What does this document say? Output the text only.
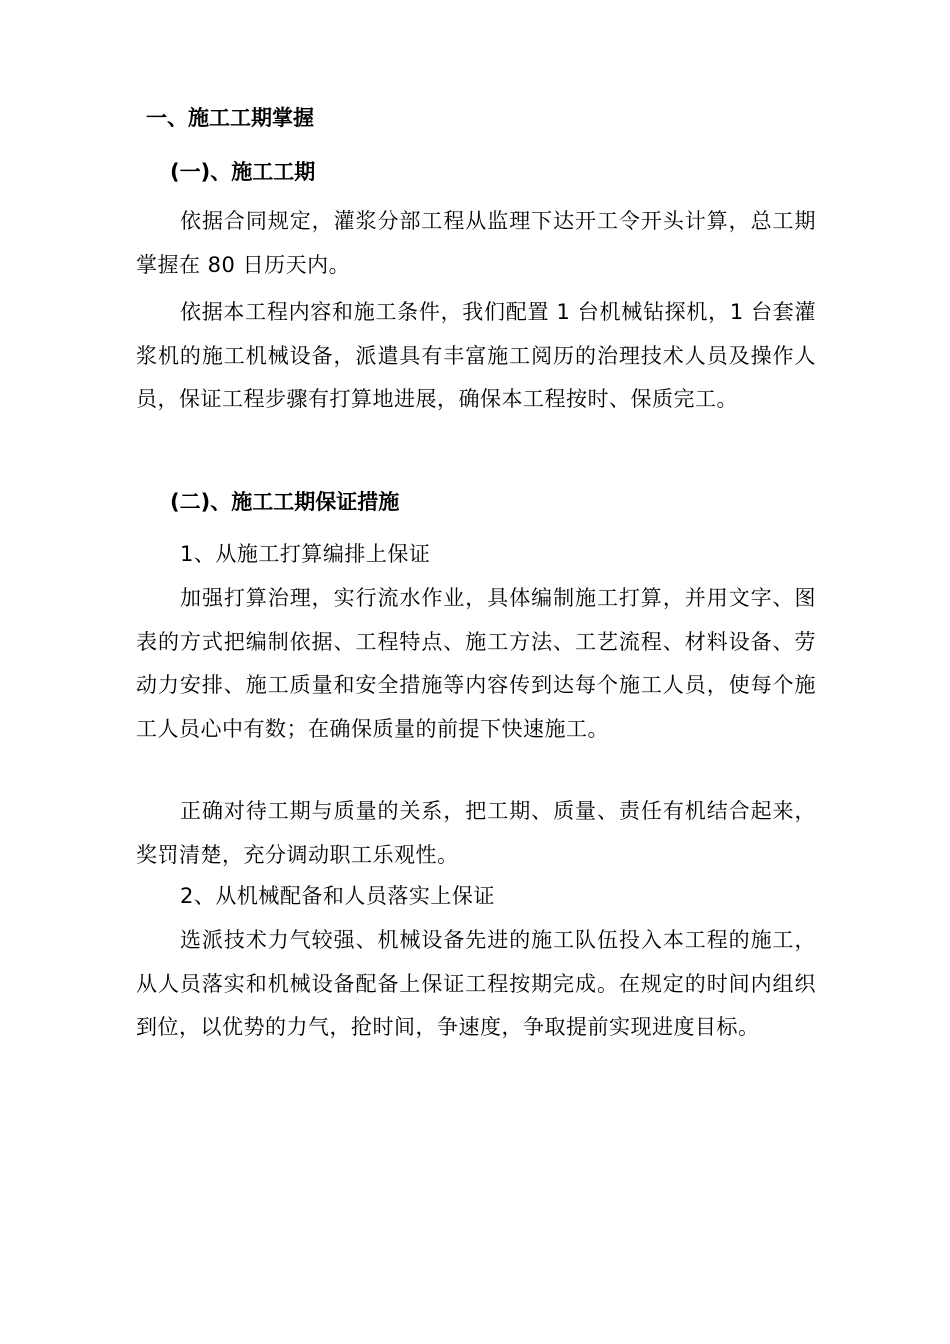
一、施工工期掌握
(一)、施工工期

依据合同规定，灌浆分部工程从监理下达开工令开头计算，总工期掌握在 80 日历天内。

依据本工程内容和施工条件，我们配置 1 台机械钻探机，1 台套灌浆机的施工机械设备，派遣具有丰富施工阅历的治理技术人员及操作人员，保证工程步骤有打算地进展，确保本工程按时、保质完工。

(二)、施工工期保证措施
1、从施工打算编排上保证

加强打算治理，实行流水作业，具体编制施工打算，并用文字、图表的方式把编制依据、工程特点、施工方法、工艺流程、材料设备、劳动力安排、施工质量和安全措施等内容传到达每个施工人员，使每个施工人员心中有数；在确保质量的前提下快速施工。

正确对待工期与质量的关系，把工期、质量、责任有机结合起来，奖罚清楚，充分调动职工乐观性。

2、从机械配备和人员落实上保证

选派技术力气较强、机械设备先进的施工队伍投入本工程的施工，从人员落实和机械设备配备上保证工程按期完成。在规定的时间内组织到位，以优势的力气，抢时间，争速度，争取提前实现进度目标。
